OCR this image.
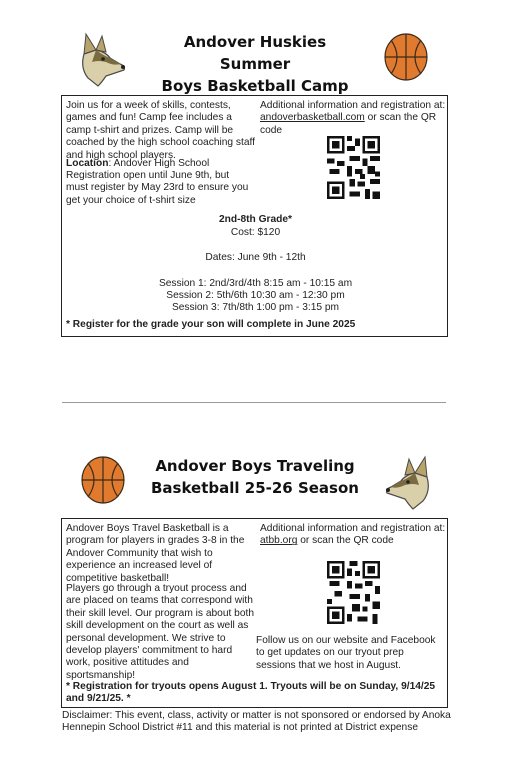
Andover Huskies Summer
Boys Basketball Camp

Join us for a week of skills, contests, games and fun! Camp fee includes a camp t-shirt and prizes. Camp will be coached by the high school coaching staff and high school players.

Location: Andover High School

Registration open until June 9th, but must register by May 23rd to ensure you get your choice of t-shirt size

Additional information and registration at:
andoverbasketball.com or scan the QR code

2nd-8th Grade*

Cost: $120

Dates: June 9th - 12th

Session 1: 2nd/3rd/4th 8:15 am - 10:15 am

Session 2: 5th/6th 10:30 am - 12:30 pm

Session 3: 7th/8th 1:00 pm - 3:15 pm

* Register for the grade your son will complete in June 2025

Andover Boys Traveling
Basketball 25-26 Season

Andover Boys Travel Basketball is a program for players in grades 3-8 in the Andover Community that wish to experience an increased level of competitive basketball!

Players go through a tryout process and are placed on teams that correspond with their skill level. Our program is about both skill development on the court as well as personal development. We strive to develop players' commitment to hard work, positive attitudes and sportsmanship!

Additional information and registration at:
atbb.org or scan the QR code

Follow us on our website and Facebook to get updates on our tryout prep sessions that we host in August.

* Registration for tryouts opens August 1. Tryouts will be on Sunday, 9/14/25 and 9/21/25. *

Disclaimer: This event, class, activity or matter is not sponsored or endorsed by Anoka Hennepin School District #11 and this material is not printed at District expense
